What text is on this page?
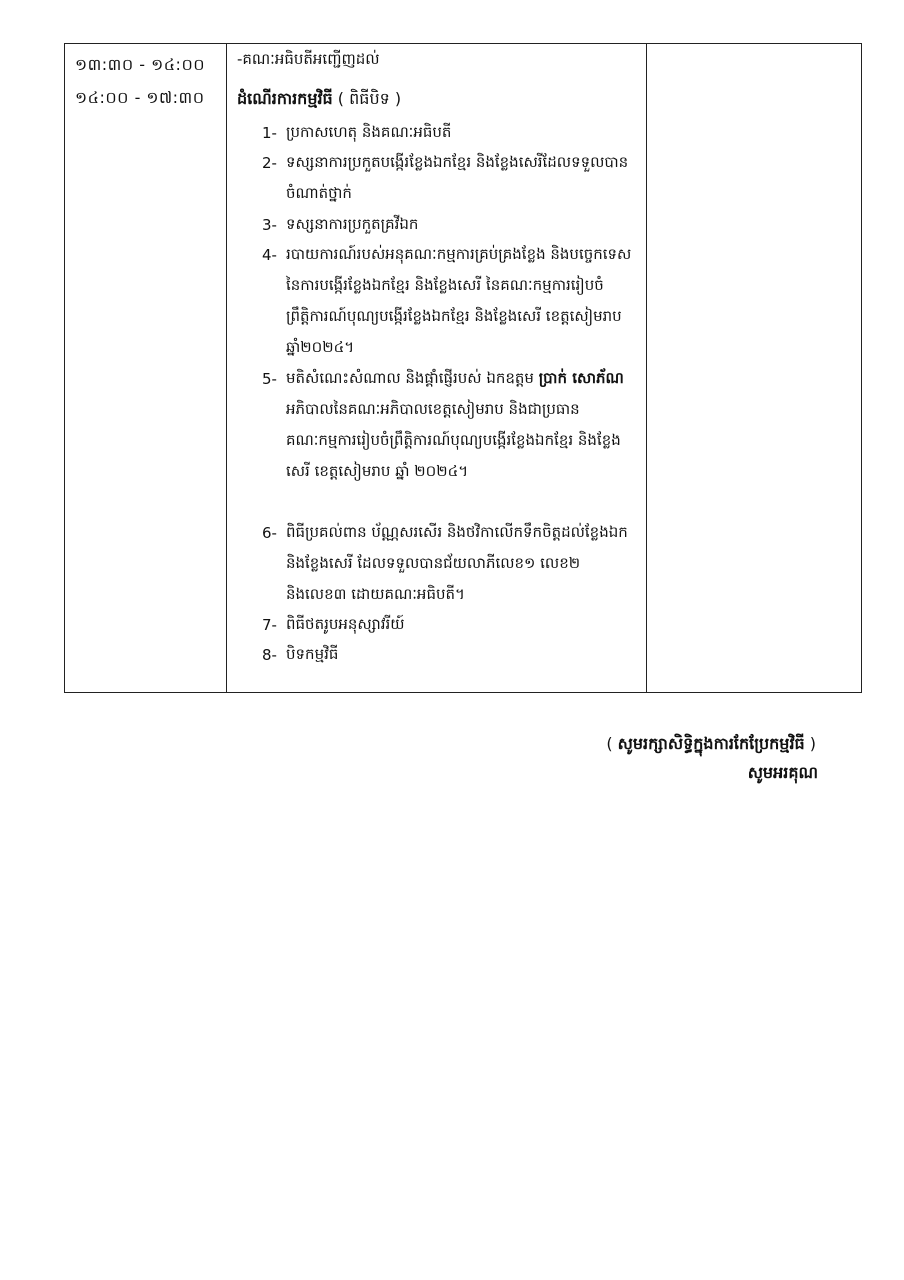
១៣:៣០ - ១៤:០០
១៤:០០ - ១៧:៣០
-គណៈអធិបតីអញ្ជើញដល់
ដំណើរការកម្មវិធី ( ពិធីបិទ )
1- ប្រកាសហេតុ និងគណៈអធិបតី
2- ទស្សនាការប្រកួតបង្កើរខ្លែងឯកខ្មែរ និងខ្លែងសេរីដែលទទួលបានចំណាត់ថ្នាក់
3- ទស្សនាការប្រកួតគ្រវីឯក
4- របាយការណ៍របស់អនុគណៈកម្មការគ្រប់គ្រងខ្លែង និងបច្ចេកទេសនៃការបង្កើរខ្លែងឯកខ្មែរ និងខ្លែងសេរី នៃគណៈកម្មការរៀបចំព្រឹត្តិការណ៍បុណ្យបង្កើរខ្លែងឯកខ្មែរ និងខ្លែងសេរី ខេត្តសៀមរាប ឆ្នាំ២០២៤។
5- មតិសំណេះសំណាល និងផ្តាំផ្ញើរបស់ ឯកឧត្តម ប្រាក់ សោភ័ណ អភិបាលនៃគណៈអភិបាលខេត្តសៀមរាប និងជាប្រធានគណៈកម្មការរៀបចំព្រឹត្តិការណ៍បុណ្យបង្កើរខ្លែងឯកខ្មែរ និងខ្លែងសេរី ខេត្តសៀមរាប ឆ្នាំ ២០២៤។
6- ពិធីប្រគល់ពាន ប័ណ្ណសរសើរ និងថវិកាលើកទឹកចិត្តដល់ខ្លែងឯក និងខ្លែងសេរី ដែលទទួលបានជ័យលាភីលេខ១ លេខ២ និងលេខ៣ ដោយគណៈអធិបតី។
7- ពិធីថតរូបអនុស្សាវរីយ៍
8- បិទកម្មវិធី
( សូមរក្សាសិទ្ធិក្នុងការកែប្រែកម្មវិធី )
សូមអរគុណ
